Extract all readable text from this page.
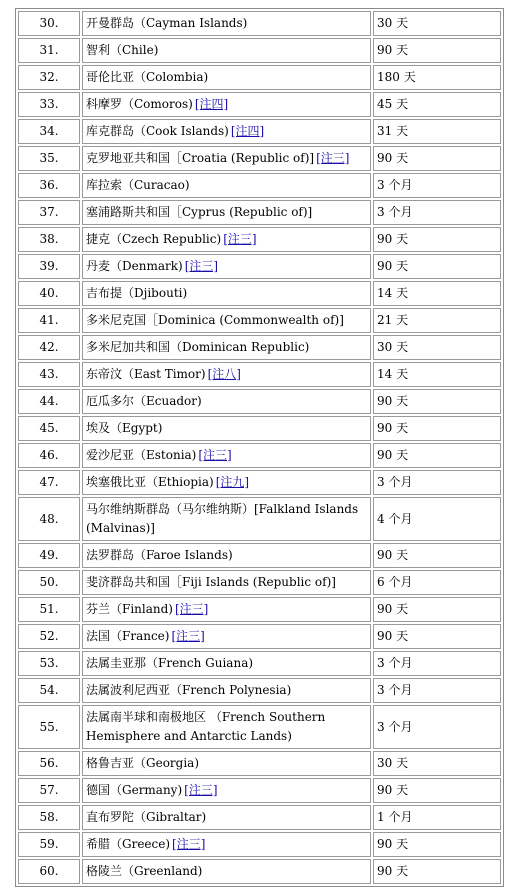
30.	开曼群岛（Cayman Islands)	30 天
31.	智利（Chile)	90 天
32.	哥伦比亚（Colombia)	180 天
33.	科摩罗（Comoros) [注四]	45 天
34.	库克群岛（Cook Islands) [注四]	31 天
35.	克罗地亚共和国［Croatia (Republic of)] [注三]	90 天
36.	库拉索（Curacao)	3 个月
37.	塞浦路斯共和国［Cyprus (Republic of)]	3 个月
38.	捷克（Czech Republic) [注三]	90 天
39.	丹麦（Denmark) [注三]	90 天
40.	吉布提（Djibouti)	14 天
41.	多米尼克国［Dominica (Commonwealth of)]	21 天
42.	多米尼加共和国（Dominican Republic)	30 天
43.	东帝汶（East Timor) [注八]	14 天
44.	厄瓜多尔（Ecuador)	90 天
45.	埃及（Egypt)	90 天
46.	爱沙尼亚（Estonia) [注三]	90 天
47.	埃塞俄比亚（Ethiopia) [注九]	3 个月
48.	马尔维纳斯群岛（马尔维纳斯）[Falkland Islands (Malvinas)]	4 个月
49.	法罗群岛（Faroe Islands)	90 天
50.	斐济群岛共和国［Fiji Islands (Republic of)]	6 个月
51.	芬兰（Finland) [注三]	90 天
52.	法国（France) [注三]	90 天
53.	法属圭亚那（French Guiana)	3 个月
54.	法属波利尼西亚（French Polynesia)	3 个月
55.	法属南半球和南极地区 （French Southern Hemisphere and Antarctic Lands)	3 个月
56.	格鲁吉亚（Georgia)	30 天
57.	德国（Germany) [注三]	90 天
58.	直布罗陀（Gibraltar)	1 个月
59.	希腊（Greece) [注三]	90 天
60.	格陵兰（Greenland)	90 天
